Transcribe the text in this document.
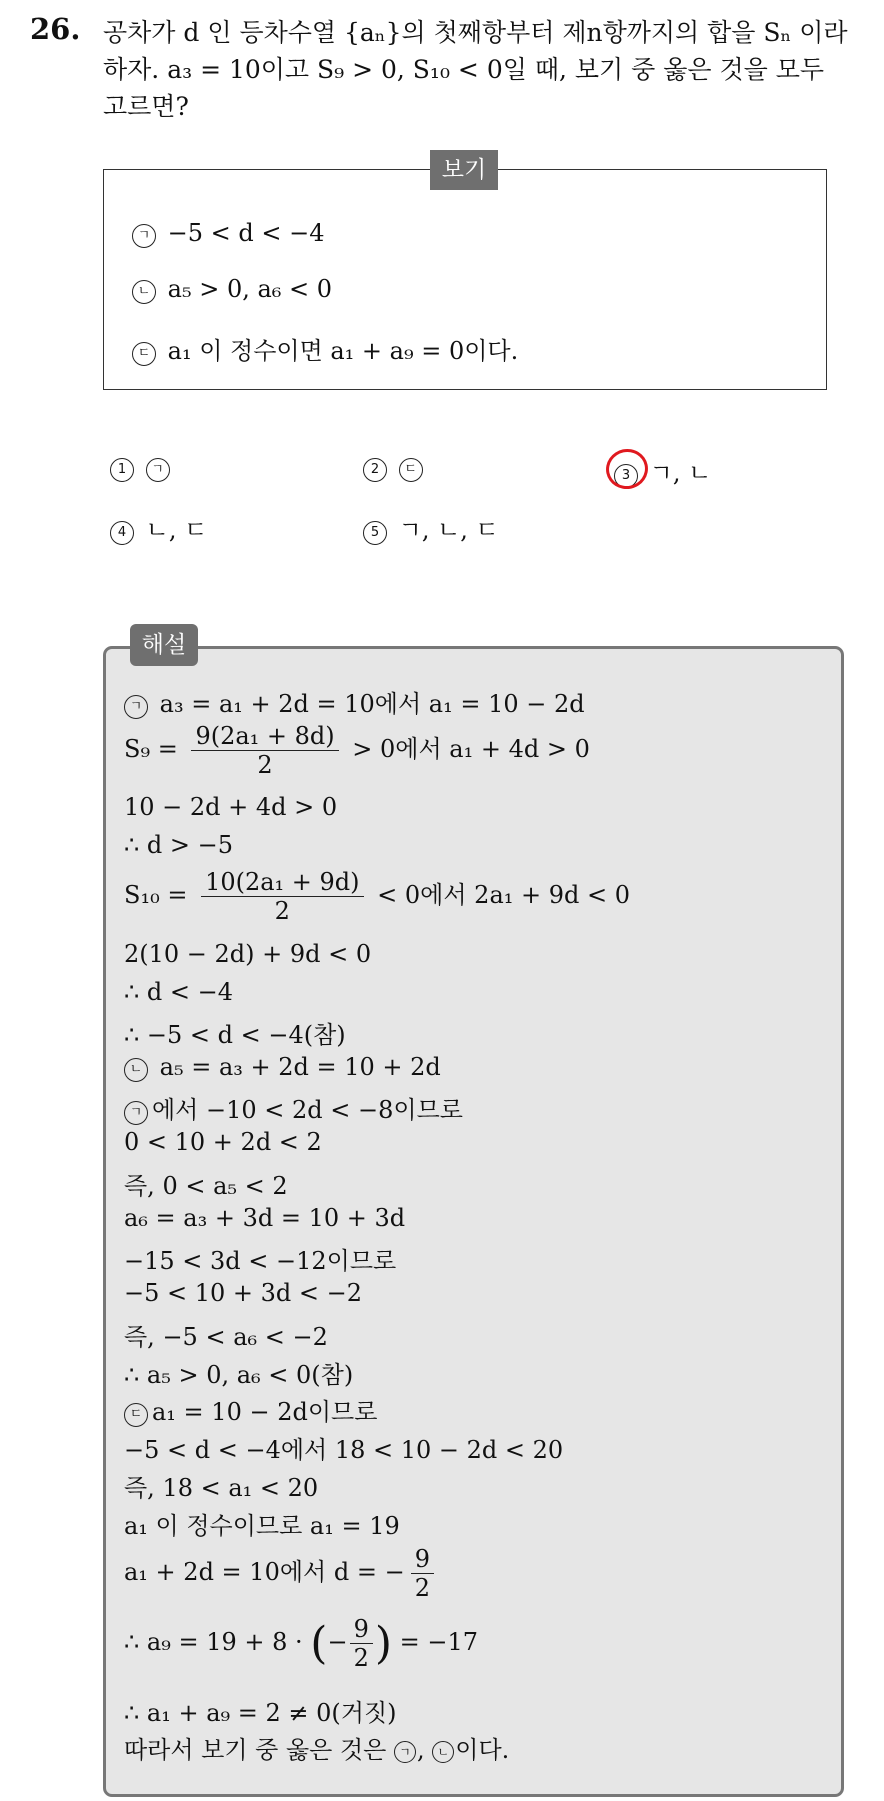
26. 공차가 d 인 등차수열 {aₙ}의 첫째항부터 제n항까지의 합을 Sₙ 이라
하자. a₃ = 10이고 S₉ > 0, S₁₀ < 0일 때, 보기 중 옳은 것을 모두
고르면?
보기
ㄱ −5 < d < −4
ㄴ a₅ > 0, a₆ < 0
ㄷ a₁ 이 정수이면 a₁ + a₉ = 0이다.
1 ㄱ	2 ㄷ	3 ㄱ, ㄴ
4 ㄴ, ㄷ	5 ㄱ, ㄴ, ㄷ
해설
ㄱ a₃ = a₁ + 2d = 10에서 a₁ = 10 − 2d
$S_9 = \frac{\text{9(2a₁ + 8d)}}{2} > 0$에서 a₁ + 4d > 0
10 − 2d + 4d > 0
∴ d > −5
$S_{10} = \frac{\text{10(2a₁ + 9d)}}{2} < 0$에서 2a₁ + 9d < 0
2(10 − 2d) + 9d < 0
∴ d < −4
∴ −5 < d < −4(참)
ㄴ a₅ = a₃ + 2d = 10 + 2d
ㄱ 에서 −10 < 2d < −8이므로
0 < 10 + 2d < 2
즉, 0 < a₅ < 2
a₆ = a₃ + 3d = 10 + 3d
−15 < 3d < −12이므로
−5 < 10 + 3d < −2
즉, −5 < a₆ < −2
∴ a₅ > 0, a₆ < 0(참)
ㄷ a₁ = 10 − 2d이므로
−5 < d < −4에서 18 < 10 − 2d < 20
즉, 18 < a₁ < 20
a₁ 이 정수이므로 a₁ = 19
a₁ + 2d = 10에서 d = − $\frac{9}{2}$
∴ a₉ = 19 + 8 · (− $\frac{9}{2}$ ) = −17
∴ a₁ + a₉ = 2 ≠ 0(거짓)
따라서 보기 중 옳은 것은 ㄱ , ㄴ 이다.
